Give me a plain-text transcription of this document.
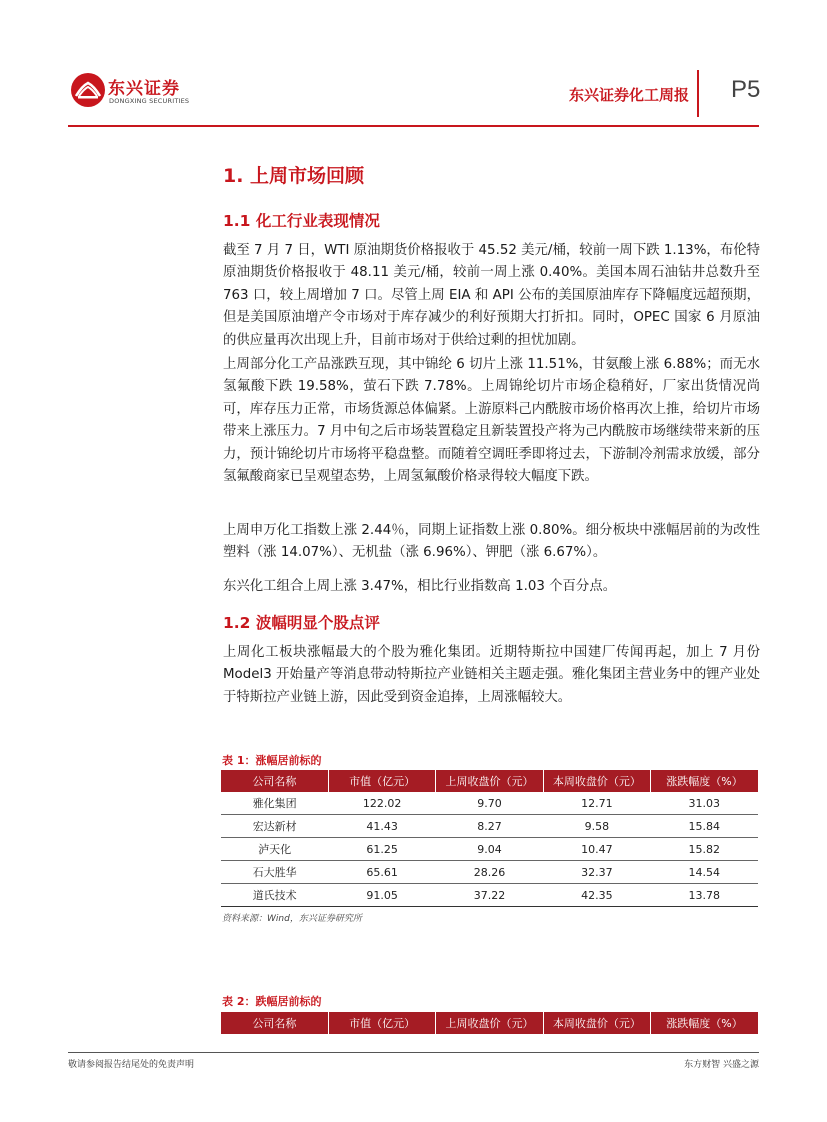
东兴证券
DONGXING SECURITIES	东兴证券化工周报 P5
1. 上周市场回顾
1.1 化工行业表现情况
截至 7 月 7 日，WTI 原油期货价格报收于 45.52 美元/桶，较前一周下跌 1.13%，布伦特原油期货价格报收于 48.11 美元/桶，较前一周上涨 0.40%。美国本周石油钻井总数升至 763 口，较上周增加 7 口。尽管上周 EIA 和 API 公布的美国原油库存下降幅度远超预期，但是美国原油增产令市场对于库存减少的利好预期大打折扣。同时，OPEC 国家 6 月原油的供应量再次出现上升，目前市场对于供给过剩的担忧加剧。
上周部分化工产品涨跌互现，其中锦纶 6 切片上涨 11.51%，甘氨酸上涨 6.88%；而无水氢氟酸下跌 19.58%，萤石下跌 7.78%。上周锦纶切片市场企稳稍好，厂家出货情况尚可，库存压力正常，市场货源总体偏紧。上游原料己内酰胺市场价格再次上推，给切片市场带来上涨压力。7 月中旬之后市场装置稳定且新装置投产将为己内酰胺市场继续带来新的压力，预计锦纶切片市场将平稳盘整。而随着空调旺季即将过去，下游制冷剂需求放缓，部分氢氟酸商家已呈观望态势，上周氢氟酸价格录得较大幅度下跌。
上周申万化工指数上涨 2.44％，同期上证指数上涨 0.80%。细分板块中涨幅居前的为改性塑料（涨 14.07%）、无机盐（涨 6.96%）、钾肥（涨 6.67%）。
东兴化工组合上周上涨 3.47%，相比行业指数高 1.03 个百分点。
1.2 波幅明显个股点评
上周化工板块涨幅最大的个股为雅化集团。近期特斯拉中国建厂传闻再起，加上 7 月份 Model3 开始量产等消息带动特斯拉产业链相关主题走强。雅化集团主营业务中的锂产业处于特斯拉产业链上游，因此受到资金追捧，上周涨幅较大。
表 1：涨幅居前标的
公司名称	市值（亿元）	上周收盘价（元）	本周收盘价（元）	涨跌幅度（%）
雅化集团	122.02	9.70	12.71	31.03
宏达新材	41.43	8.27	9.58	15.84
泸天化	61.25	9.04	10.47	15.82
石大胜华	65.61	28.26	32.37	14.54
道氏技术	91.05	37.22	42.35	13.78
资料来源：Wind，东兴证券研究所
表 2：跌幅居前标的
公司名称	市值（亿元）	上周收盘价（元）	本周收盘价（元）	涨跌幅度（%）
敬请参阅报告结尾处的免责声明	东方财智 兴盛之源
